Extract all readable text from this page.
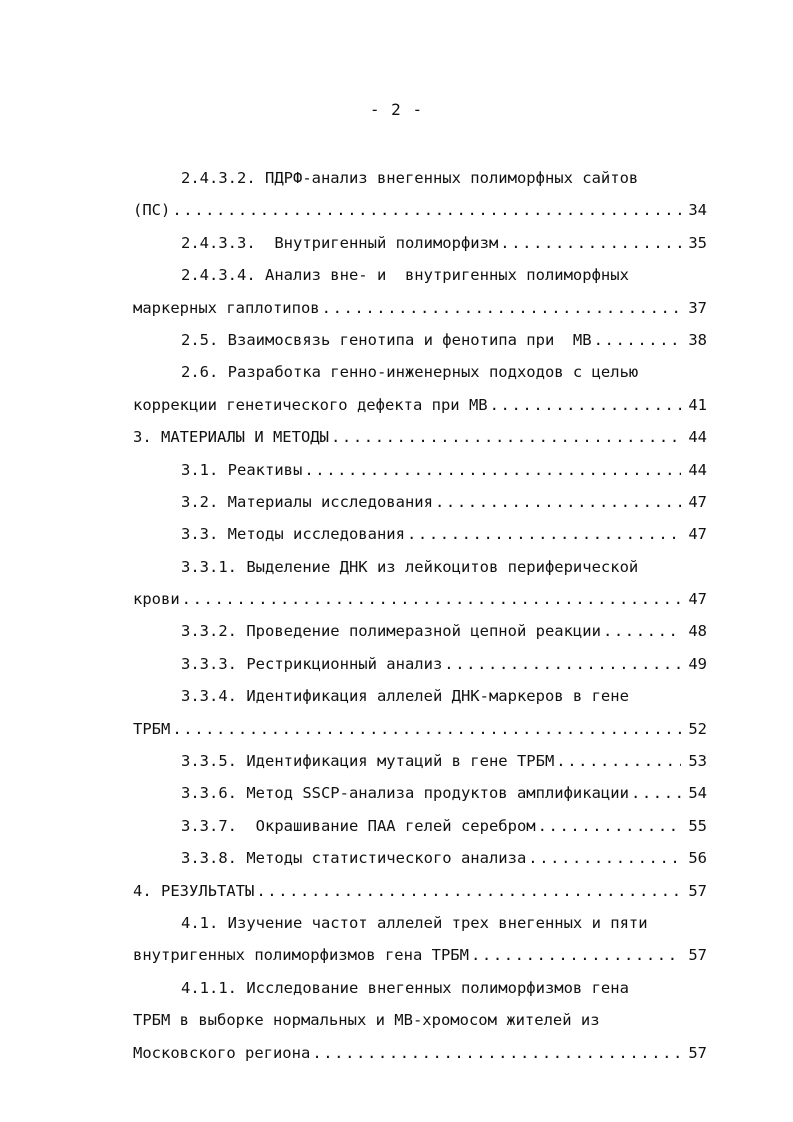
- 2 -
2.4.3.2. ПДРФ-анализ внегенных полиморфных сайтов
(ПС) .....	34
2.4.3.3.  Внутригенный полиморфизм .....	35
2.4.3.4. Анализ вне- и  внутригенных полиморфных
маркерных гаплотипов .....	37
2.5. Взаимосвязь генотипа и фенотипа при  МВ .....	38
2.6. Разработка генно-инженерных подходов с целью
коррекции генетического дефекта при МВ .....	41
3. МАТЕРИАЛЫ И МЕТОДЫ .....	44
3.1. Реактивы .....	44
3.2. Материалы исследования .....	47
3.3. Методы исследования .....	47
3.3.1. Выделение ДНК из лейкоцитов периферической
крови .....	47
3.3.2. Проведение полимеразной цепной реакции .....	48
3.3.3. Рестрикционный анализ .....	49
3.3.4. Идентификация аллелей ДНК-маркеров в гене
ТРБМ .....	52
3.3.5. Идентификация мутаций в гене ТРБМ .....	53
3.3.6. Метод SSCP-анализа продуктов амплификации .....	54
3.3.7.  Окрашивание ПАА гелей серебром .....	55
3.3.8. Методы статистического анализа .....	56
4. РЕЗУЛЬТАТЫ .....	57
4.1. Изучение частот аллелей трех внегенных и пяти
внутригенных полиморфизмов гена ТРБМ .....	57
4.1.1. Исследование внегенных полиморфизмов гена
ТРБМ в выборке нормальных и МВ-хромосом жителей из
Московского региона .....	57
